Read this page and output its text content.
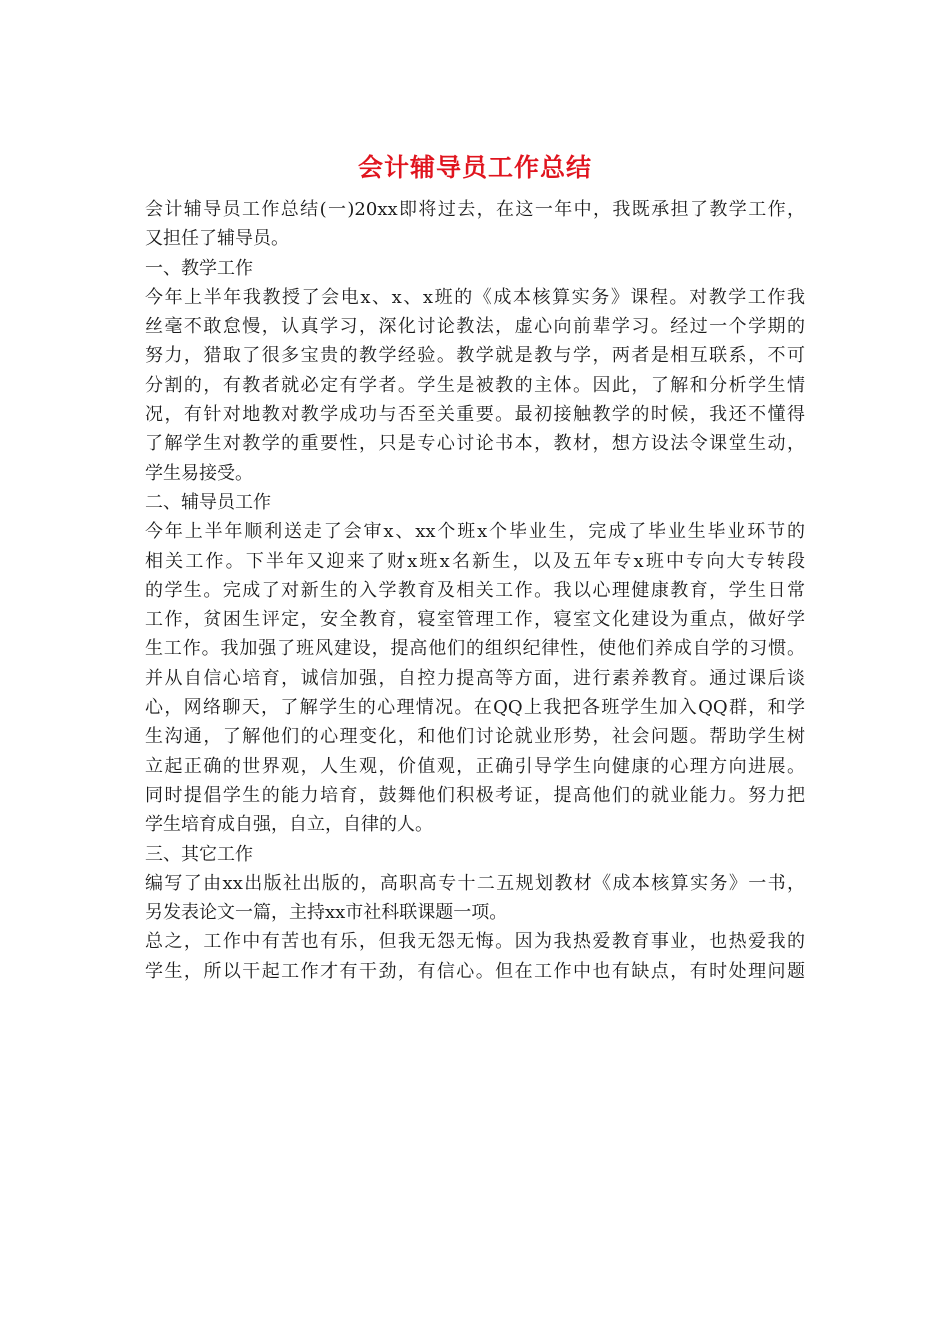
会计辅导员工作总结
会计辅导员工作总结(一)20xx即将过去，在这一年中，我既承担了教学工作，
又担任了辅导员。
一、教学工作
今年上半年我教授了会电x、x、x班的《成本核算实务》课程。对教学工作我
丝毫不敢怠慢，认真学习，深化讨论教法，虚心向前辈学习。经过一个学期的
努力，猎取了很多宝贵的教学经验。教学就是教与学，两者是相互联系，不可
分割的，有教者就必定有学者。学生是被教的主体。因此，了解和分析学生情
况，有针对地教对教学成功与否至关重要。最初接触教学的时候，我还不懂得
了解学生对教学的重要性，只是专心讨论书本，教材，想方设法令课堂生动，
学生易接受。
二、辅导员工作
今年上半年顺利送走了会审x、xx个班x个毕业生，完成了毕业生毕业环节的
相关工作。下半年又迎来了财x班x名新生，以及五年专x班中专向大专转段
的学生。完成了对新生的入学教育及相关工作。我以心理健康教育，学生日常
工作，贫困生评定，安全教育，寝室管理工作，寝室文化建设为重点，做好学
生工作。我加强了班风建设，提高他们的组织纪律性，使他们养成自学的习惯。
并从自信心培育，诚信加强，自控力提高等方面，进行素养教育。通过课后谈
心，网络聊天，了解学生的心理情况。在QQ上我把各班学生加入QQ群，和学
生沟通，了解他们的心理变化，和他们讨论就业形势，社会问题。帮助学生树
立起正确的世界观，人生观，价值观，正确引导学生向健康的心理方向进展。
同时提倡学生的能力培育，鼓舞他们积极考证，提高他们的就业能力。努力把
学生培育成自强，自立，自律的人。
三、其它工作
编写了由xx出版社出版的，高职高专十二五规划教材《成本核算实务》一书，
另发表论文一篇，主持xx市社科联课题一项。
总之，工作中有苦也有乐，但我无怨无悔。因为我热爱教育事业，也热爱我的
学生，所以干起工作才有干劲，有信心。但在工作中也有缺点，有时处理问题
